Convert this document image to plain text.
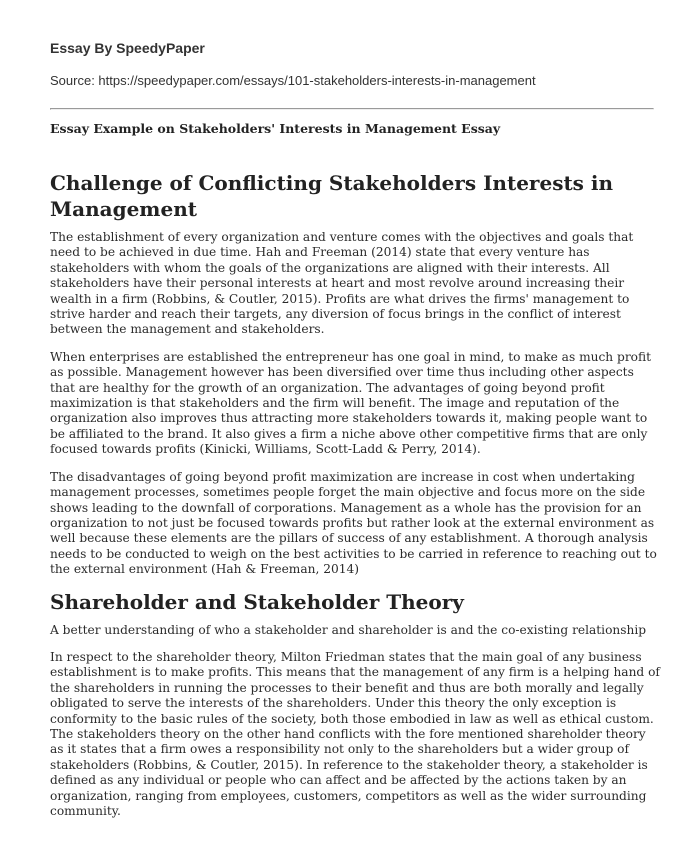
Essay By SpeedyPaper

Source: https://speedypaper.com/essays/101-stakeholders-interests-in-management

Essay Example on Stakeholders' Interests in Management Essay

Challenge of Conflicting Stakeholders Interests in Management

The establishment of every organization and venture comes with the objectives and goals that need to be achieved in due time. Hah and Freeman (2014) state that every venture has stakeholders with whom the goals of the organizations are aligned with their interests. All stakeholders have their personal interests at heart and most revolve around increasing their wealth in a firm (Robbins, & Coutler, 2015). Profits are what drives the firms' management to strive harder and reach their targets, any diversion of focus brings in the conflict of interest between the management and stakeholders.

When enterprises are established the entrepreneur has one goal in mind, to make as much profit as possible. Management however has been diversified over time thus including other aspects that are healthy for the growth of an organization. The advantages of going beyond profit maximization is that stakeholders and the firm will benefit. The image and reputation of the organization also improves thus attracting more stakeholders towards it, making people want to be affiliated to the brand. It also gives a firm a niche above other competitive firms that are only focused towards profits (Kinicki, Williams, Scott-Ladd & Perry, 2014).

The disadvantages of going beyond profit maximization are increase in cost when undertaking management processes, sometimes people forget the main objective and focus more on the side shows leading to the downfall of corporations. Management as a whole has the provision for an organization to not just be focused towards profits but rather look at the external environment as well because these elements are the pillars of success of any establishment. A thorough analysis needs to be conducted to weigh on the best activities to be carried in reference to reaching out to the external environment (Hah & Freeman, 2014)

Shareholder and Stakeholder Theory

A better understanding of who a stakeholder and shareholder is and the co-existing relationship

In respect to the shareholder theory, Milton Friedman states that the main goal of any business establishment is to make profits. This means that the management of any firm is a helping hand of the shareholders in running the processes to their benefit and thus are both morally and legally obligated to serve the interests of the shareholders. Under this theory the only exception is conformity to the basic rules of the society, both those embodied in law as well as ethical custom. The stakeholders theory on the other hand conflicts with the fore mentioned shareholder theory as it states that a firm owes a responsibility not only to the shareholders but a wider group of stakeholders (Robbins, & Coutler, 2015). In reference to the stakeholder theory, a stakeholder is defined as any individual or people who can affect and be affected by the actions taken by an organization, ranging from employees, customers, competitors as well as the wider surrounding community.
